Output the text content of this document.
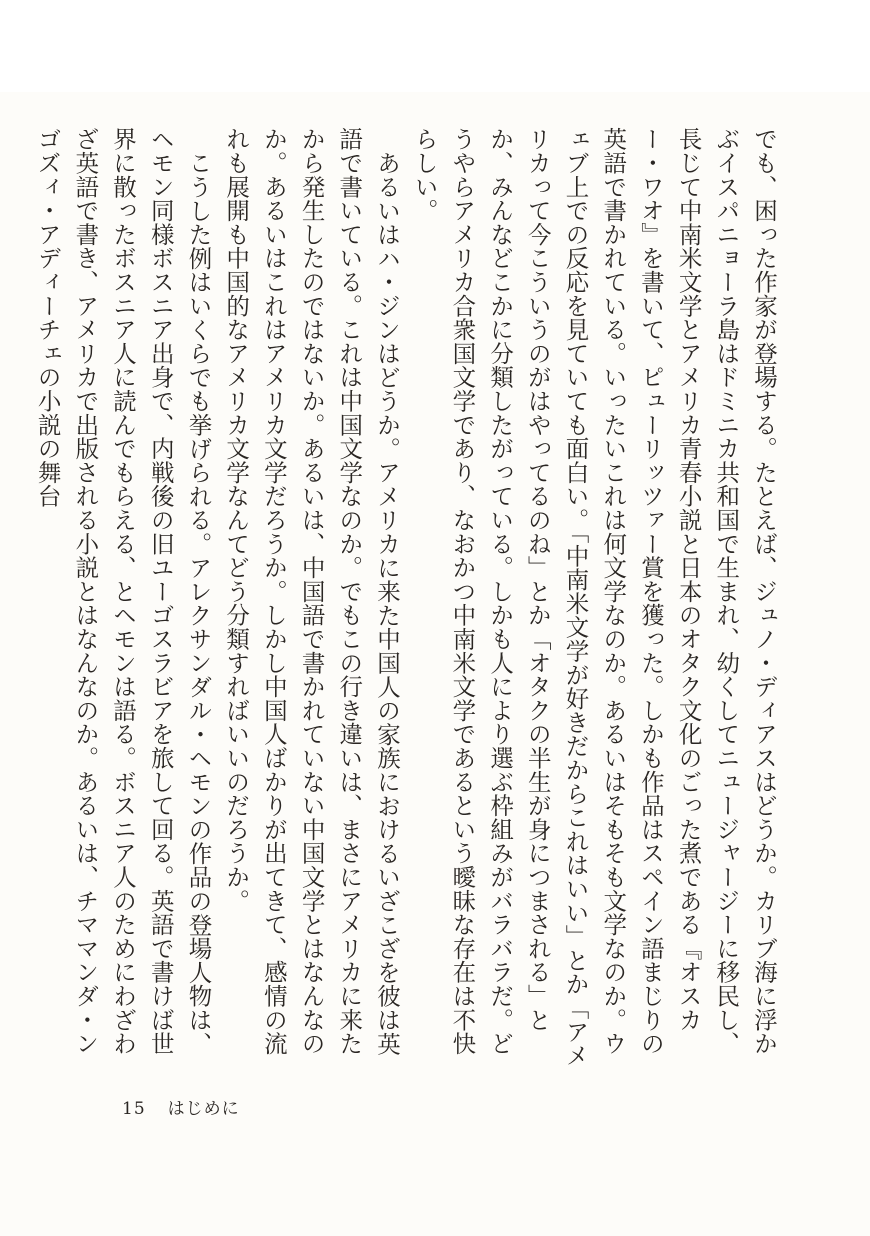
でも、困った作家が登場する。たとえば、ジュノ・ディアスはどうか。カリブ海に浮かぶイスパニョーラ島はドミニカ共和国で生まれ、幼くしてニュージャージーに移民し、長じて中南米文学とアメリカ青春小説と日本のオタク文化のごった煮である『オスカー・ワオ』を書いて、ピューリッツァー賞を獲った。しかも作品はスペイン語まじりの英語で書かれている。いったいこれは何文学なのか。あるいはそもそも文学なのか。ウェブ上での反応を見ていても面白い。「中南米文学が好きだからこれはいい」とか「アメリカって今こういうのがはやってるのね」とか「オタクの半生が身につまされる」とか、みんなどこかに分類したがっている。しかも人により選ぶ枠組みがバラバラだ。どうやらアメリカ合衆国文学であり、なおかつ中南米文学であるという曖昧な存在は不快らしい。

あるいはハ・ジンはどうか。アメリカに来た中国人の家族におけるいざこざを彼は英語で書いている。これは中国文学なのか。でもこの行き違いは、まさにアメリカに来たから発生したのではないか。あるいは、中国語で書かれていない中国文学とはなんなのか。あるいはこれはアメリカ文学だろうか。しかし中国人ばかりが出てきて、感情の流れも展開も中国的なアメリカ文学なんてどう分類すればいいのだろうか。

こうした例はいくらでも挙げられる。アレクサンダル・ヘモンの作品の登場人物は、ヘモン同様ボスニア出身で、内戦後の旧ユーゴスラビアを旅して回る。英語で書けば世界に散ったボスニア人に読んでもらえる、とヘモンは語る。ボスニア人のためにわざわざ英語で書き、アメリカで出版される小説とはなんなのか。あるいは、チママンダ・ンゴズィ・アディーチェの小説の舞台

15 はじめに
